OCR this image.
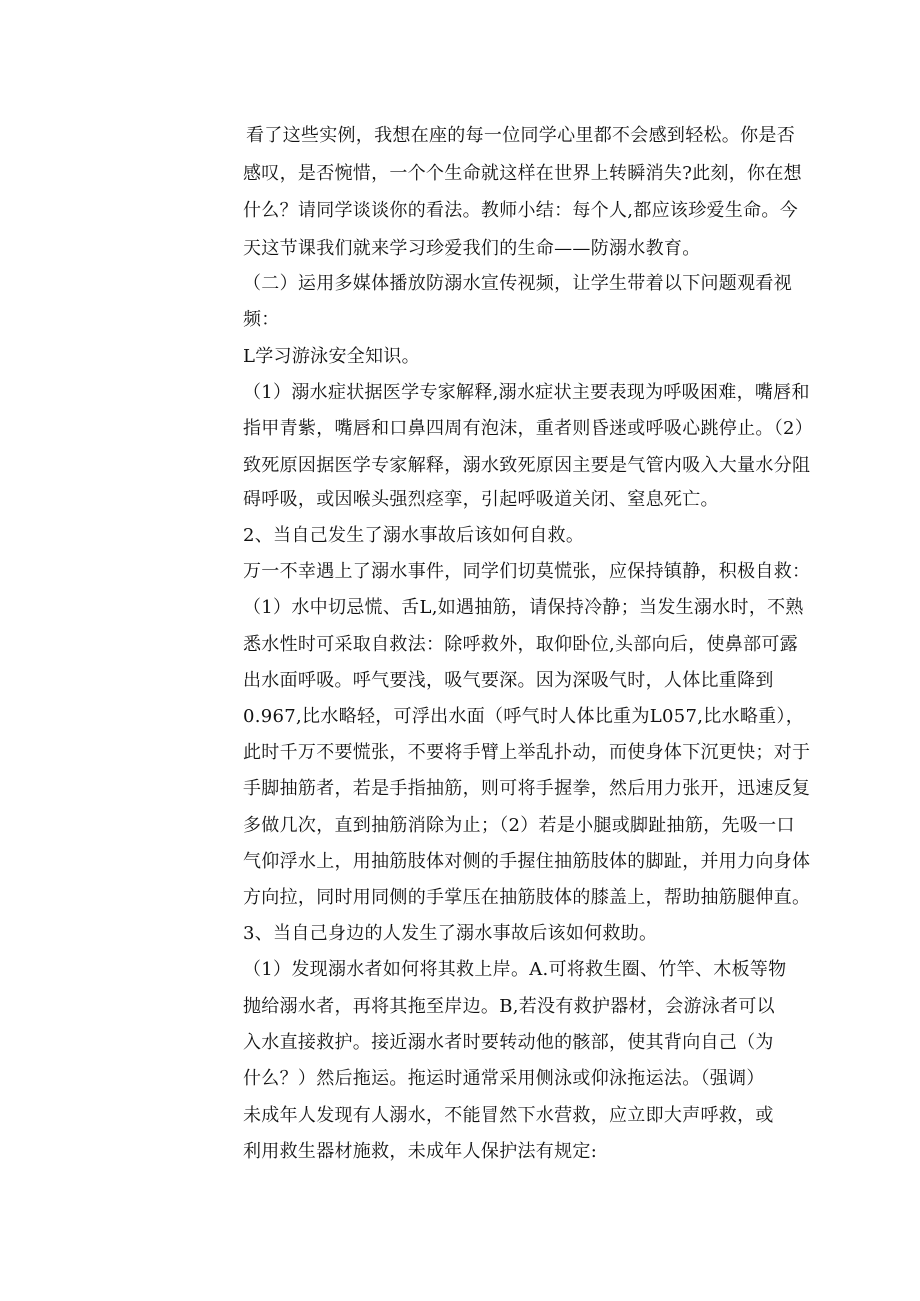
看了这些实例，我想在座的每一位同学心里都不会感到轻松。你是否
感叹，是否惋惜，一个个生命就这样在世界上转瞬消失?此刻，你在想
什么？请同学谈谈你的看法。教师小结：每个人,都应该珍爱生命。今
天这节课我们就来学习珍爱我们的生命——防溺水教育。
（二）运用多媒体播放防溺水宣传视频，让学生带着以下问题观看视
频：
L学习游泳安全知识。
（1）溺水症状据医学专家解释,溺水症状主要表现为呼吸困难，嘴唇和
指甲青紫，嘴唇和口鼻四周有泡沫，重者则昏迷或呼吸心跳停止。（2）
致死原因据医学专家解释，溺水致死原因主要是气管内吸入大量水分阻
碍呼吸，或因喉头强烈痉挛，引起呼吸道关闭、窒息死亡。
2、当自己发生了溺水事故后该如何自救。
万一不幸遇上了溺水事件，同学们切莫慌张，应保持镇静，积极自救：
（1）水中切忌慌、舌L,如遇抽筋，请保持冷静；当发生溺水时，不熟
悉水性时可采取自救法：除呼救外，取仰卧位,头部向后，使鼻部可露
出水面呼吸。呼气要浅，吸气要深。因为深吸气时，人体比重降到
0.967,比水略轻，可浮出水面（呼气时人体比重为L057,比水略重），
此时千万不要慌张，不要将手臂上举乱扑动，而使身体下沉更快；对于
手脚抽筋者，若是手指抽筋，则可将手握拳，然后用力张开，迅速反复
多做几次，直到抽筋消除为止；（2）若是小腿或脚趾抽筋，先吸一口
气仰浮水上，用抽筋肢体对侧的手握住抽筋肢体的脚趾，并用力向身体
方向拉，同时用同侧的手掌压在抽筋肢体的膝盖上，帮助抽筋腿伸直。
3、当自己身边的人发生了溺水事故后该如何救助。
（1）发现溺水者如何将其救上岸。A.可将救生圈、竹竿、木板等物
抛给溺水者，再将其拖至岸边。B,若没有救护器材，会游泳者可以
入水直接救护。接近溺水者时要转动他的骸部，使其背向自己（为
什么？）然后拖运。拖运时通常采用侧泳或仰泳拖运法。（强调）
未成年人发现有人溺水，不能冒然下水营救，应立即大声呼救，或
利用救生器材施救，未成年人保护法有规定:
